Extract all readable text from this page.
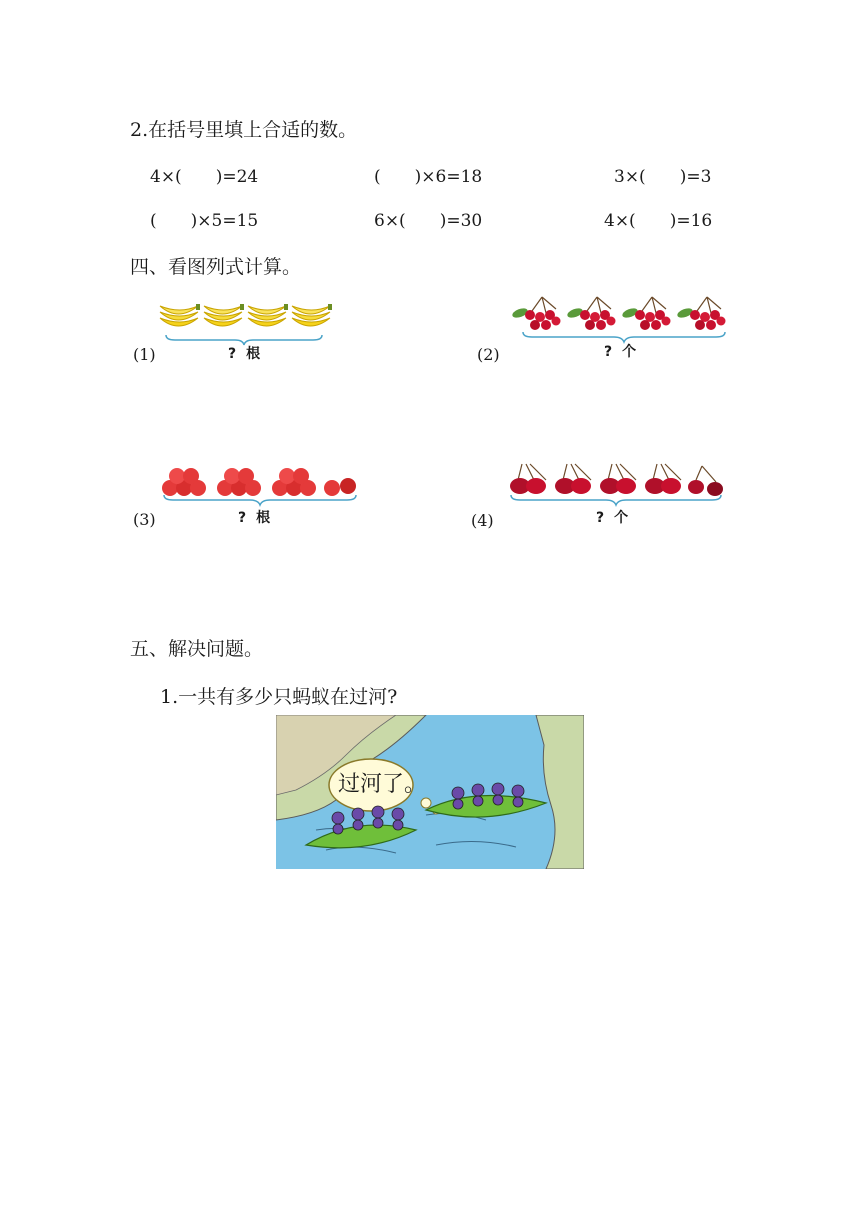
2.在括号里填上合适的数。
4×(　　)=24	(　　)×6=18	3×(　　)=3
(　　)×5=15	6×(　　)=30	4×(　　)=16
四、看图列式计算。
(1)	? 根	(2)	? 个
(3)	? 根	(4)	? 个
五、解决问题。
1.一共有多少只蚂蚁在过河?
过河了。
